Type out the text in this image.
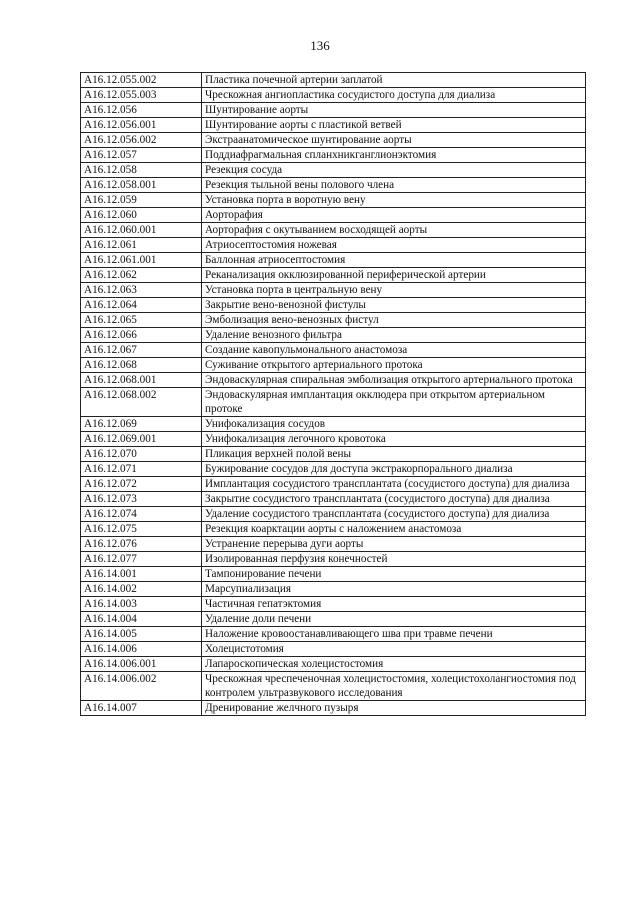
136
A16.12.055.002	Пластика почечной артерии заплатой
A16.12.055.003	Чрескожная ангиопластика сосудистого доступа для диализа
A16.12.056	Шунтирование аорты
A16.12.056.001	Шунтирование аорты с пластикой ветвей
A16.12.056.002	Экстраанатомическое шунтирование аорты
A16.12.057	Поддиафрагмальная спланхникганглионэктомия
A16.12.058	Резекция сосуда
A16.12.058.001	Резекция тыльной вены полового члена
A16.12.059	Установка порта в воротную вену
A16.12.060	Аорторафия
A16.12.060.001	Аорторафия с окутыванием восходящей аорты
A16.12.061	Атриосептостомия ножевая
A16.12.061.001	Баллонная атриосептостомия
A16.12.062	Реканализация окклюзированной периферической артерии
A16.12.063	Установка порта в центральную вену
A16.12.064	Закрытие вено-венозной фистулы
A16.12.065	Эмболизация вено-венозных фистул
A16.12.066	Удаление венозного фильтра
A16.12.067	Создание кавопульмонального анастомоза
A16.12.068	Суживание открытого артериального протока
A16.12.068.001	Эндоваскулярная спиральная эмболизация открытого артериального протока
A16.12.068.002	Эндоваскулярная имплантация окклюдера при открытом артериальном протоке
A16.12.069	Унифокализация сосудов
A16.12.069.001	Унифокализация легочного кровотока
A16.12.070	Пликация верхней полой вены
A16.12.071	Бужирование сосудов для доступа экстракорпорального диализа
A16.12.072	Имплантация сосудистого трансплантата (сосудистого доступа) для диализа
A16.12.073	Закрытие сосудистого трансплантата (сосудистого доступа) для диализа
A16.12.074	Удаление сосудистого трансплантата (сосудистого доступа) для диализа
A16.12.075	Резекция коарктации аорты с наложением анастомоза
A16.12.076	Устранение перерыва дуги аорты
A16.12.077	Изолированная перфузия конечностей
A16.14.001	Тампонирование печени
A16.14.002	Марсупиализация
A16.14.003	Частичная гепатэктомия
A16.14.004	Удаление доли печени
A16.14.005	Наложение кровоостанавливающего шва при травме печени
A16.14.006	Холецистотомия
A16.14.006.001	Лапароскопическая холецистостомия
A16.14.006.002	Чрескожная чреспеченочная холецистостомия, холецистохолангиостомия под контролем ультразвукового исследования
A16.14.007	Дренирование желчного пузыря
